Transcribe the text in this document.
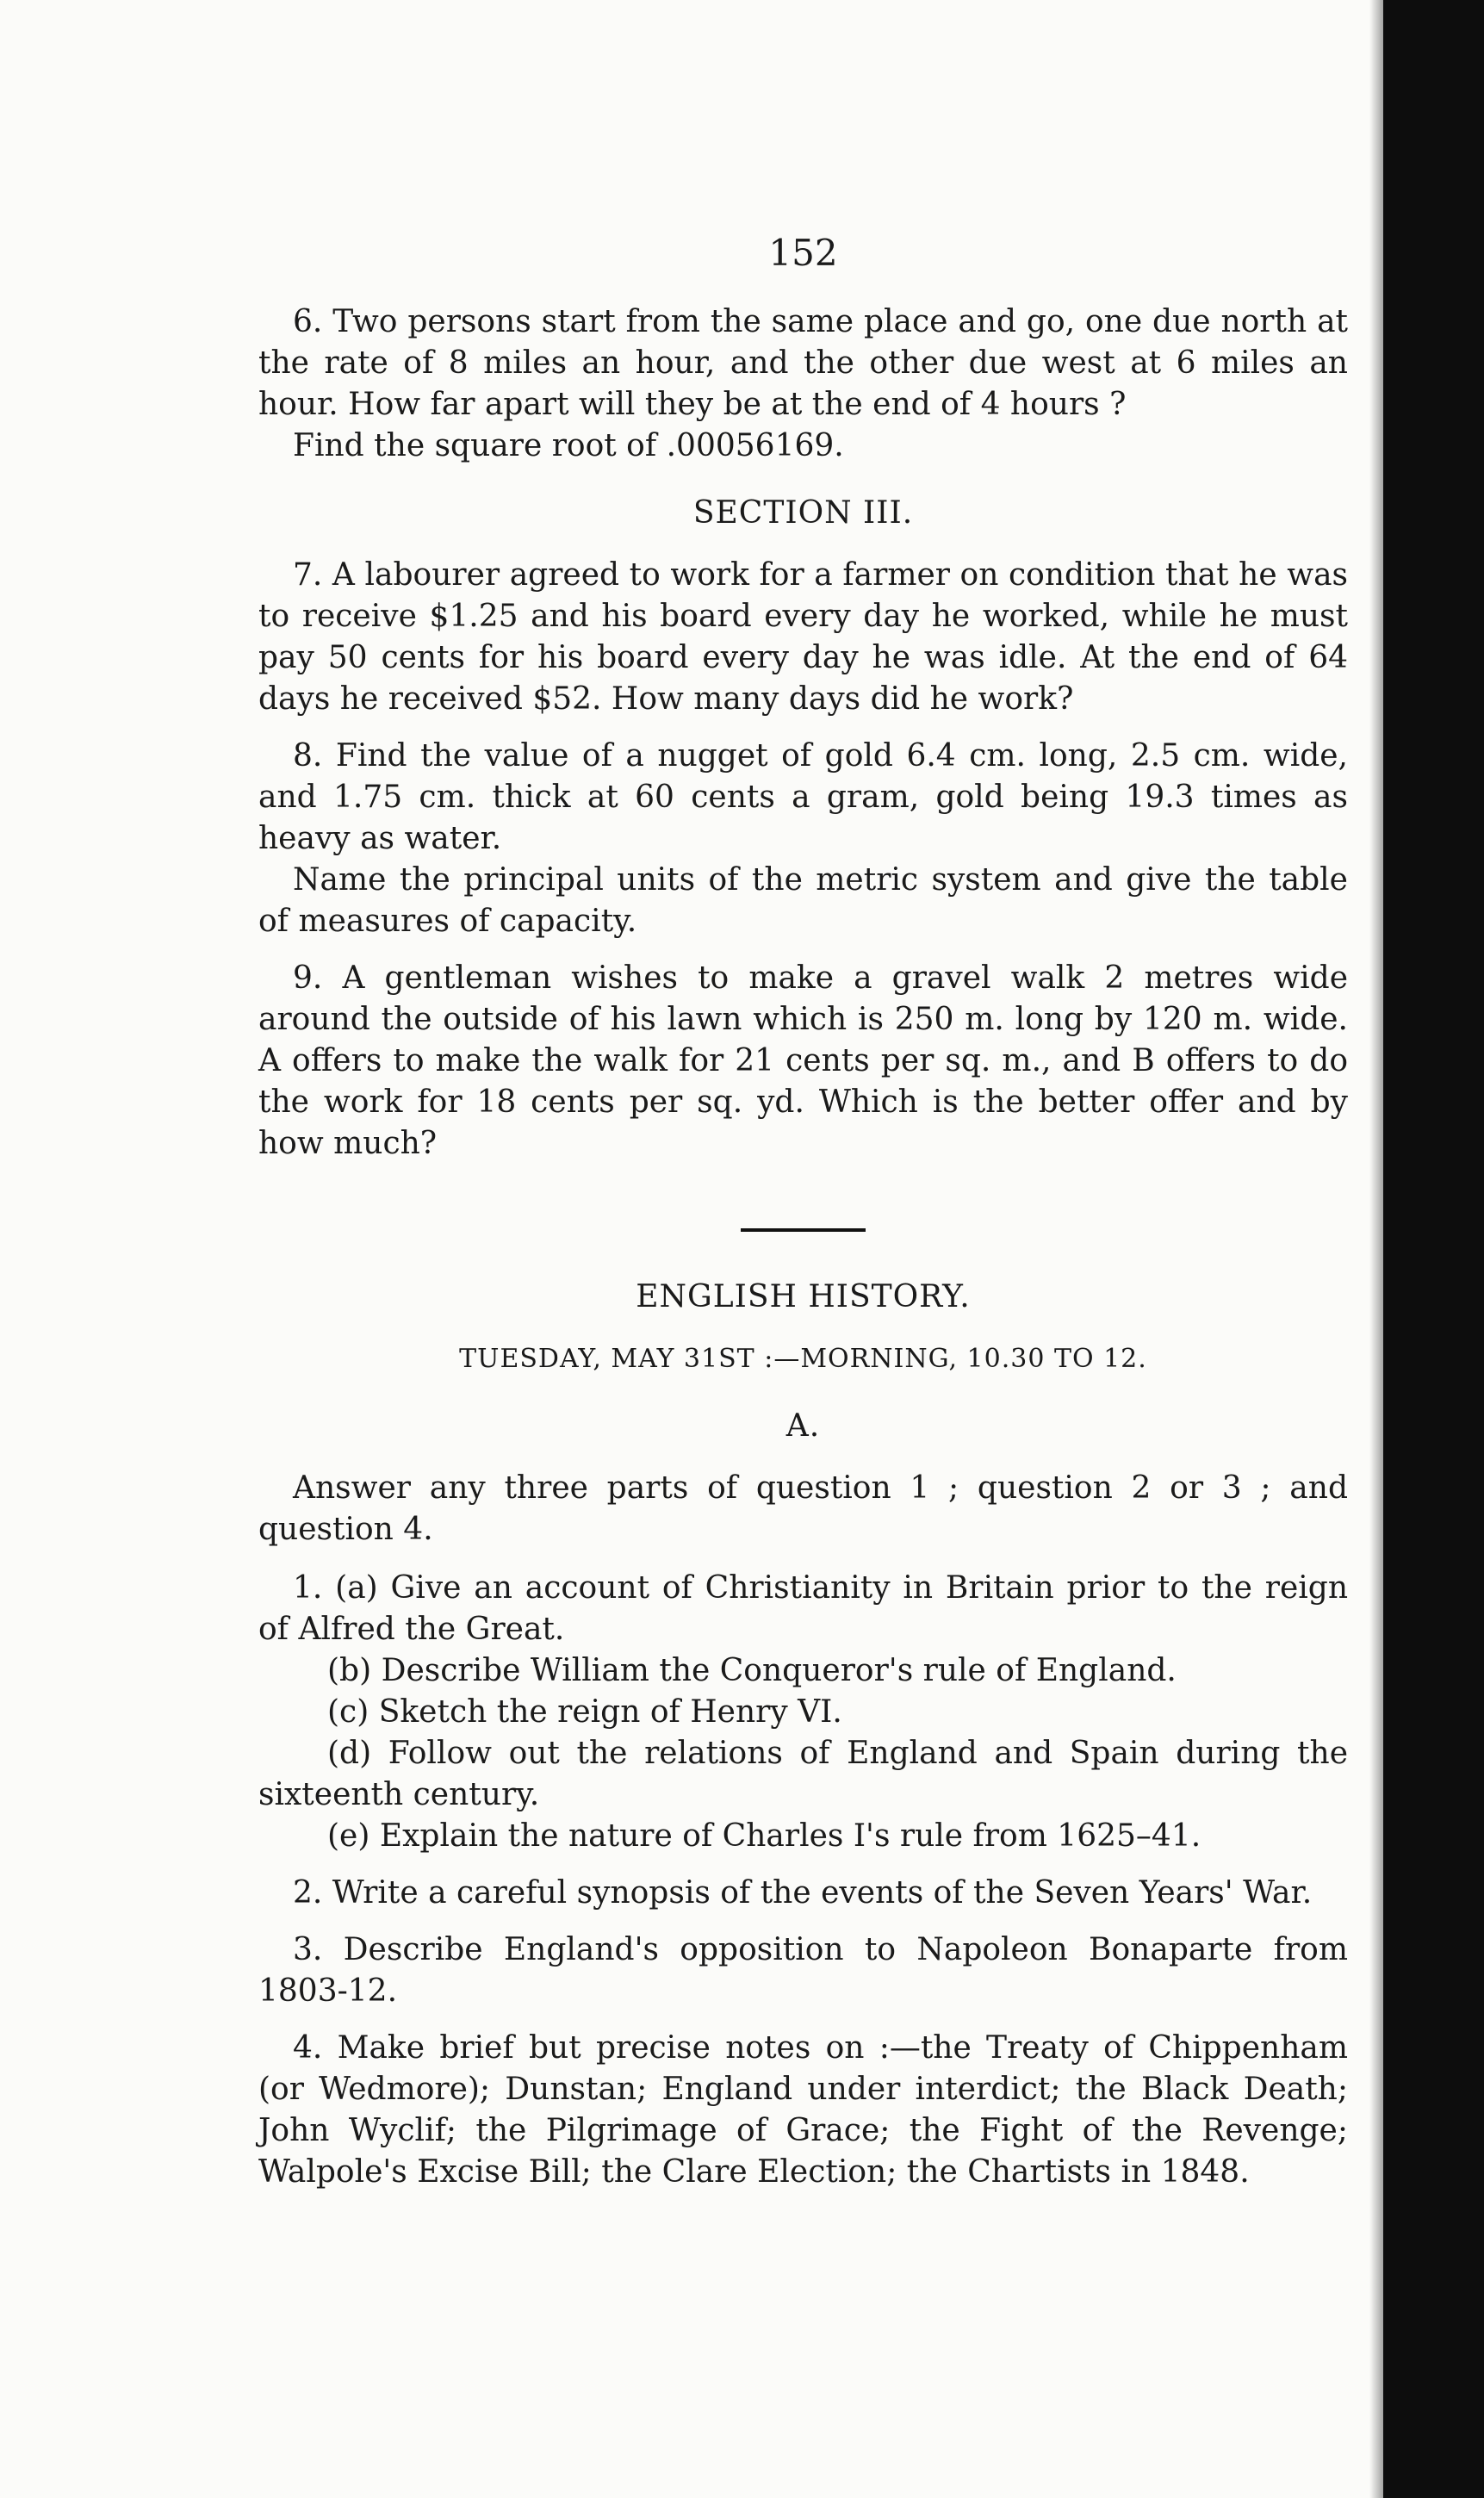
152

6. Two persons start from the same place and go, one due north at the rate of 8 miles an hour, and the other due west at 6 miles an hour. How far apart will they be at the end of 4 hours ?

Find the square root of .00056169.

SECTION III.

7. A labourer agreed to work for a farmer on condition that he was to receive $1.25 and his board every day he worked, while he must pay 50 cents for his board every day he was idle. At the end of 64 days he received $52. How many days did he work?

8. Find the value of a nugget of gold 6.4 cm. long, 2.5 cm. wide, and 1.75 cm. thick at 60 cents a gram, gold being 19.3 times as heavy as water.

Name the principal units of the metric system and give the table of measures of capacity.

9. A gentleman wishes to make a gravel walk 2 metres wide around the outside of his lawn which is 250 m. long by 120 m. wide. A offers to make the walk for 21 cents per sq. m., and B offers to do the work for 18 cents per sq. yd. Which is the better offer and by how much?

ENGLISH HISTORY.
TUESDAY, MAY 31ST :—MORNING, 10.30 TO 12.
A.

Answer any three parts of question 1 ; question 2 or 3 ; and question 4.

1. (a) Give an account of Christianity in Britain prior to the reign of Alfred the Great.

(b) Describe William the Conqueror's rule of England.

(c) Sketch the reign of Henry VI.

(d) Follow out the relations of England and Spain during the sixteenth century.

(e) Explain the nature of Charles I's rule from 1625–41.

2. Write a careful synopsis of the events of the Seven Years' War.

3. Describe England's opposition to Napoleon Bonaparte from 1803-12.

4. Make brief but precise notes on :—the Treaty of Chippenham (or Wedmore); Dunstan; England under interdict; the Black Death; John Wyclif; the Pilgrimage of Grace; the Fight of the Revenge; Walpole's Excise Bill; the Clare Election; the Chartists in 1848.
